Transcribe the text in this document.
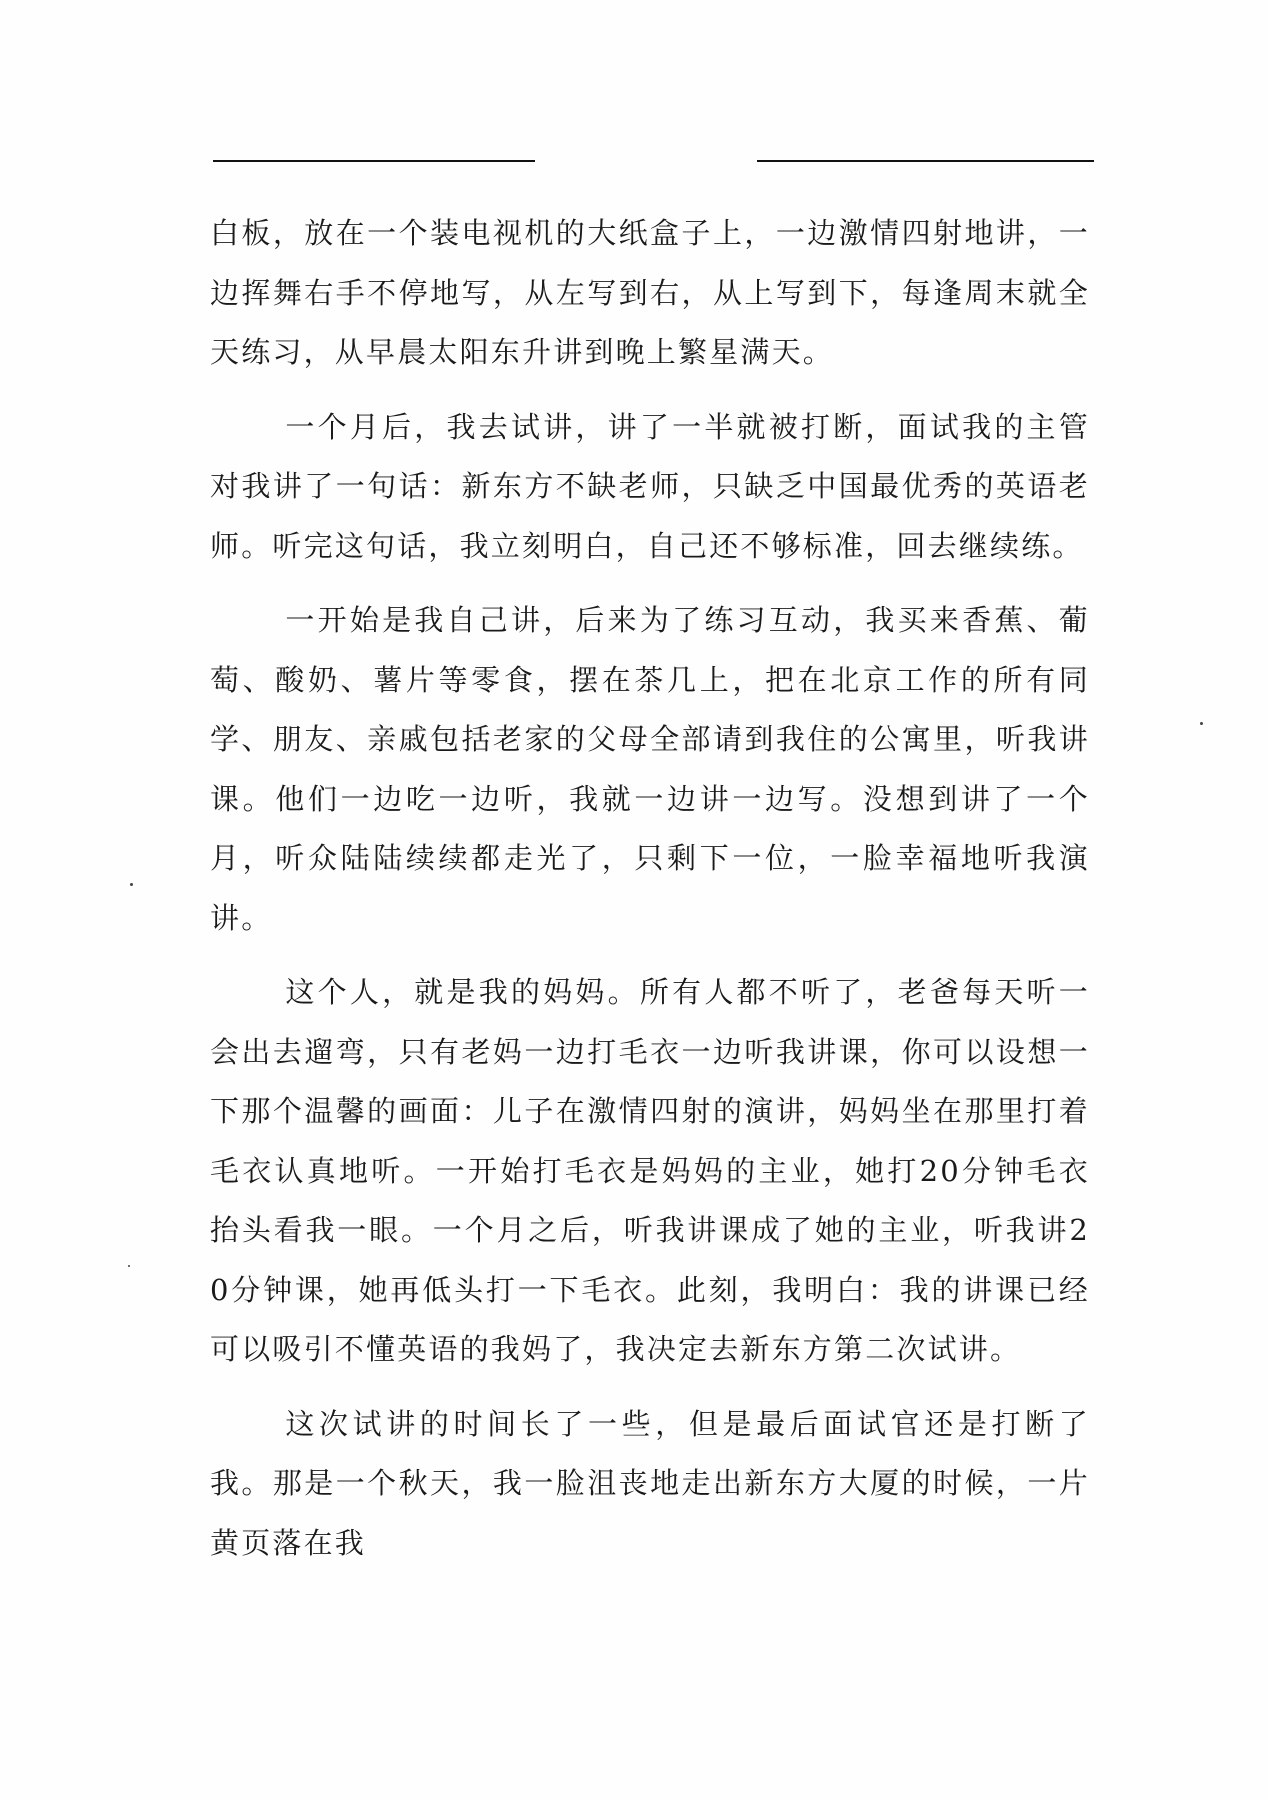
白板，放在一个装电视机的大纸盒子上，一边激情四射地讲，一边挥舞右手不停地写，从左写到右，从上写到下，每逢周末就全天练习，从早晨太阳东升讲到晚上繁星满天。

一个月后，我去试讲，讲了一半就被打断，面试我的主管对我讲了一句话：新东方不缺老师，只缺乏中国最优秀的英语老师。听完这句话，我立刻明白，自己还不够标准，回去继续练。

一开始是我自己讲，后来为了练习互动，我买来香蕉、葡萄、酸奶、薯片等零食，摆在茶几上，把在北京工作的所有同学、朋友、亲戚包括老家的父母全部请到我住的公寓里，听我讲课。他们一边吃一边听，我就一边讲一边写。没想到讲了一个月，听众陆陆续续都走光了，只剩下一位，一脸幸福地听我演讲。

这个人，就是我的妈妈。所有人都不听了，老爸每天听一会出去遛弯，只有老妈一边打毛衣一边听我讲课，你可以设想一下那个温馨的画面：儿子在激情四射的演讲，妈妈坐在那里打着毛衣认真地听。一开始打毛衣是妈妈的主业，她打20分钟毛衣抬头看我一眼。一个月之后，听我讲课成了她的主业，听我讲20分钟课，她再低头打一下毛衣。此刻，我明白：我的讲课已经可以吸引不懂英语的我妈了，我决定去新东方第二次试讲。

这次试讲的时间长了一些，但是最后面试官还是打断了我。那是一个秋天，我一脸沮丧地走出新东方大厦的时候，一片黄页落在我
